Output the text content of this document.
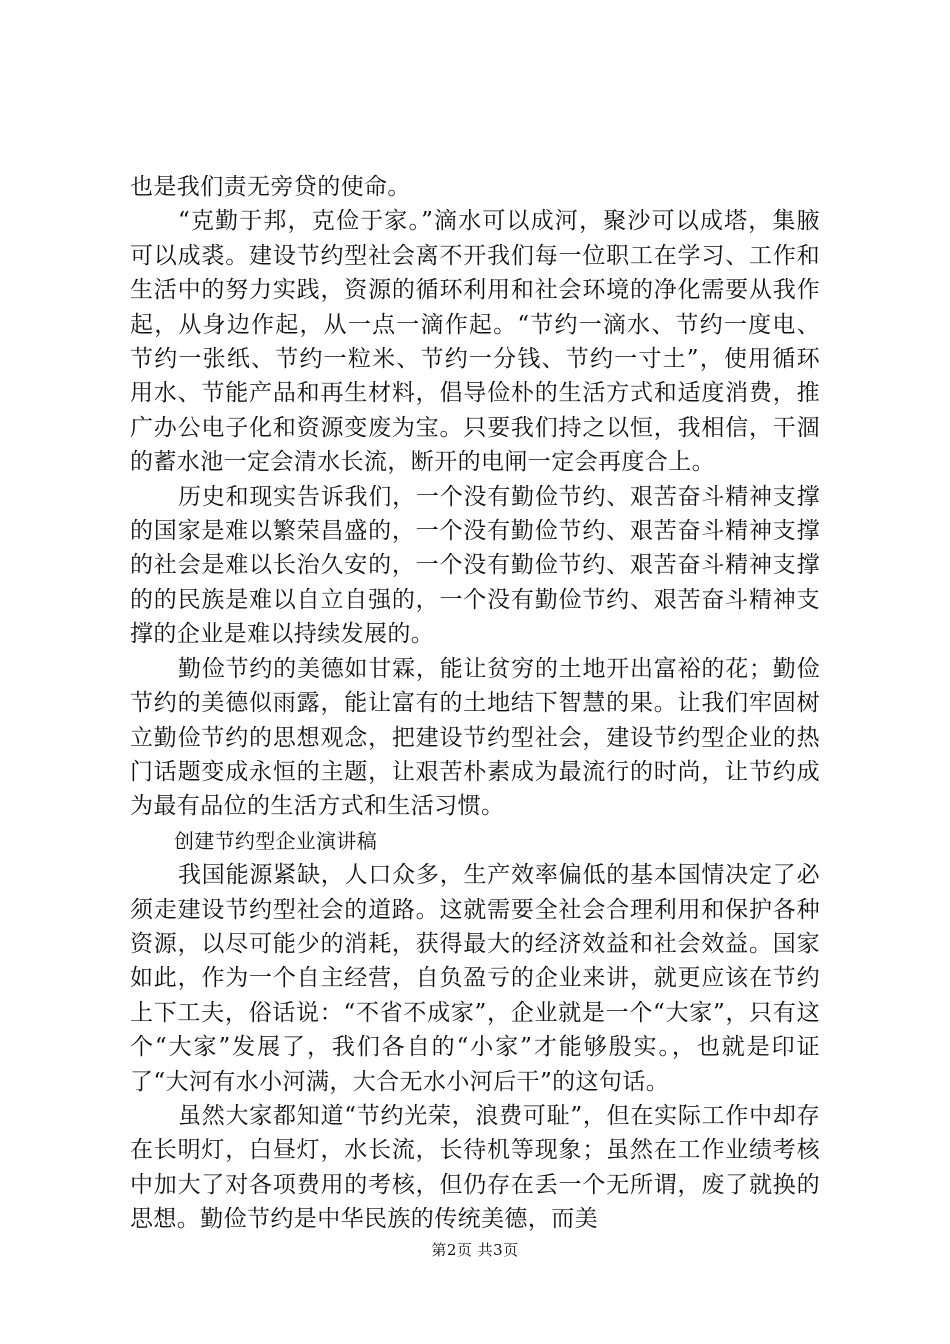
也是我们责无旁贷的使命。

“克勤于邦，克俭于家。”滴水可以成河，聚沙可以成塔，集腋可以成裘。建设节约型社会离不开我们每一位职工在学习、工作和生活中的努力实践，资源的循环利用和社会环境的净化需要从我作起，从身边作起，从一点一滴作起。“节约一滴水、节约一度电、节约一张纸、节约一粒米、节约一分钱、节约一寸土”，使用循环用水、节能产品和再生材料，倡导俭朴的生活方式和适度消费，推广办公电子化和资源变废为宝。只要我们持之以恒，我相信，干涸的蓄水池一定会清水长流，断开的电闸一定会再度合上。

历史和现实告诉我们，一个没有勤俭节约、艰苦奋斗精神支撑的国家是难以繁荣昌盛的，一个没有勤俭节约、艰苦奋斗精神支撑的社会是难以长治久安的，一个没有勤俭节约、艰苦奋斗精神支撑的的民族是难以自立自强的，一个没有勤俭节约、艰苦奋斗精神支撑的企业是难以持续发展的。

勤俭节约的美德如甘霖，能让贫穷的土地开出富裕的花；勤俭节约的美德似雨露，能让富有的土地结下智慧的果。让我们牢固树立勤俭节约的思想观念，把建设节约型社会，建设节约型企业的热门话题变成永恒的主题，让艰苦朴素成为最流行的时尚，让节约成为最有品位的生活方式和生活习惯。

创建节约型企业演讲稿

我国能源紧缺，人口众多，生产效率偏低的基本国情决定了必须走建设节约型社会的道路。这就需要全社会合理利用和保护各种资源，以尽可能少的消耗，获得最大的经济效益和社会效益。国家如此，作为一个自主经营，自负盈亏的企业来讲，就更应该在节约上下工夫，俗话说：“不省不成家”，企业就是一个“大家”，只有这个“大家”发展了，我们各自的“小家”才能够殷实。，也就是印证了“大河有水小河满，大合无水小河后干”的这句话。

虽然大家都知道“节约光荣，浪费可耻”，但在实际工作中却存在长明灯，白昼灯，水长流，长待机等现象；虽然在工作业绩考核中加大了对各项费用的考核，但仍存在丢一个无所谓，废了就换的思想。勤俭节约是中华民族的传统美德，而美

第2页 共3页
